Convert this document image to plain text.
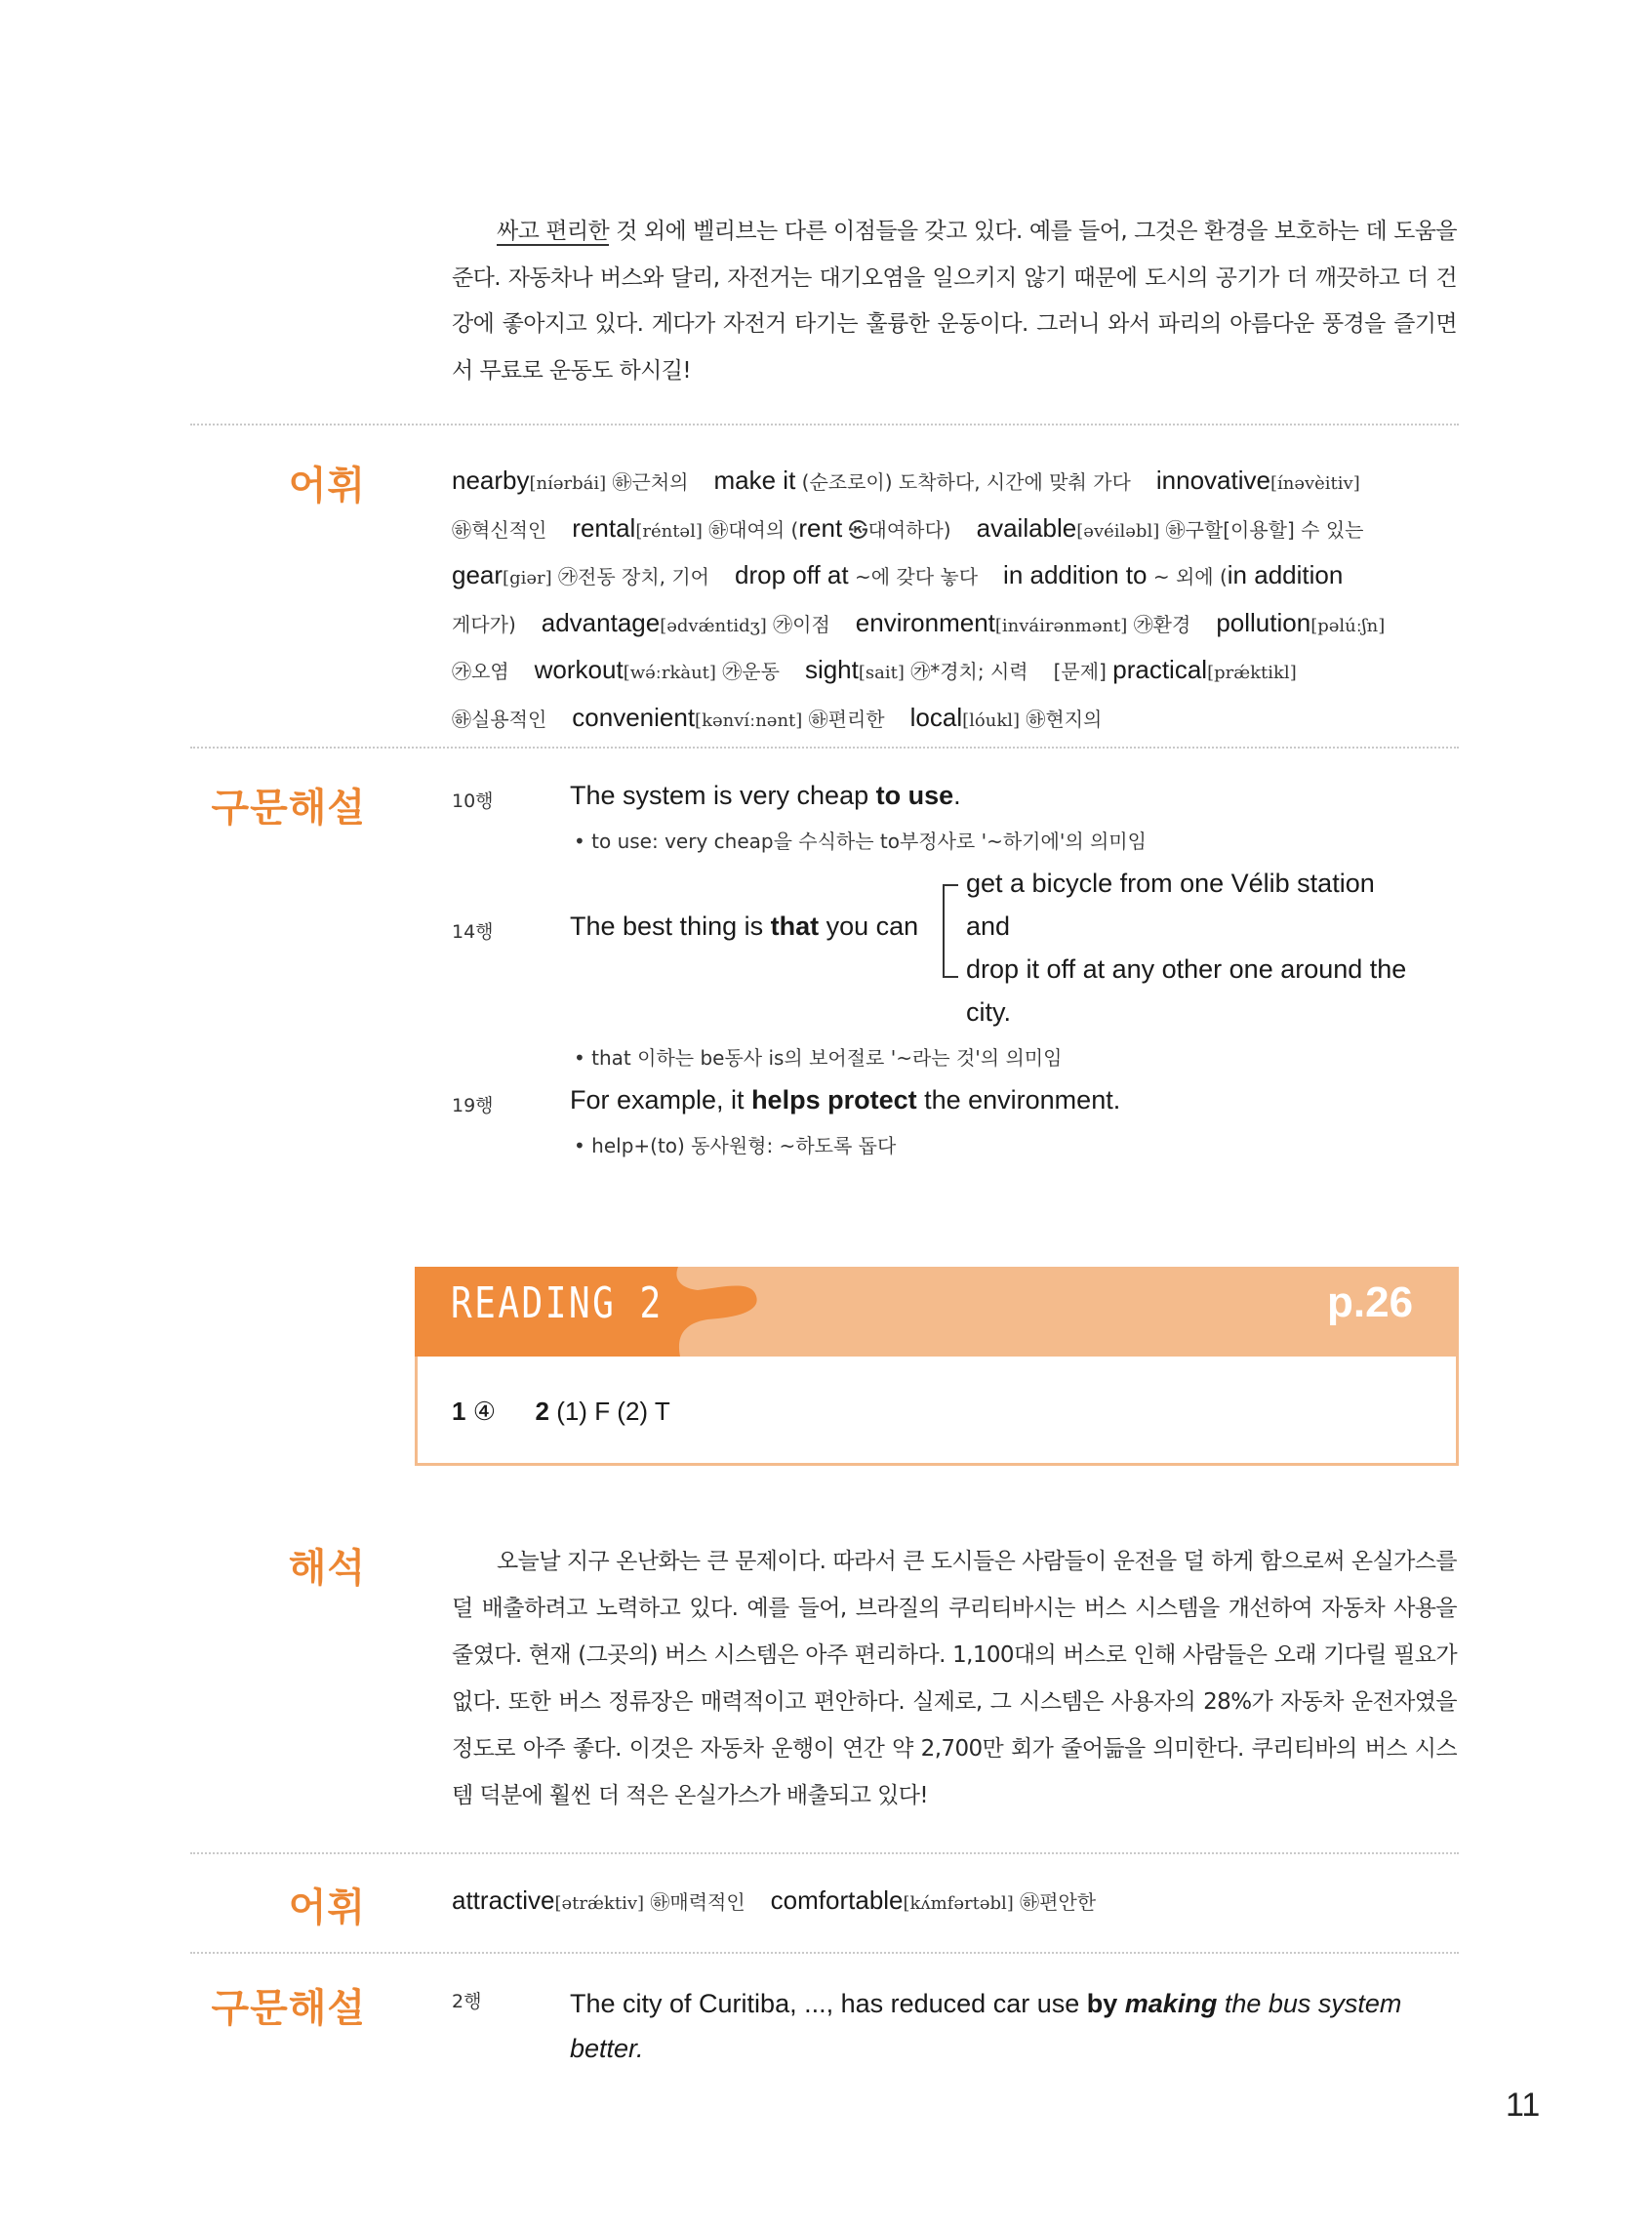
싸고 편리한 것 외에 벨리브는 다른 이점들을 갖고 있다. 예를 들어, 그것은 환경을 보호하는 데 도움을 준다. 자동차나 버스와 달리, 자전거는 대기오염을 일으키지 않기 때문에 도시의 공기가 더 깨끗하고 더 건강에 좋아지고 있다. 게다가 자전거 타기는 훌륭한 운동이다. 그러니 와서 파리의 아름다운 풍경을 즐기면서 무료로 운동도 하시길!

어휘	nearby[níərbái] ㉻근처의 make it (순조로이) 도착하다, 시간에 맞춰 가다 innovative[ínəvèitiv]
㉻혁신적인 rental[réntəl] ㉻대여의 (rent ㉿대여하다) available[əvéiləbl] ㉻구할[이용할] 수 있는
gear[giər] ㉮전동 장치, 기어 drop off at ~에 갖다 놓다 in addition to ~ 외에 (in addition
게다가) advantage[ədvǽntidʒ] ㉮이점 environment[inváirənmənt] ㉮환경 pollution[pəlúːʃn]
㉮오염 workout[wə́ːrkàut] ㉮운동 sight[sait] ㉮*경치; 시력 [문제] practical[prǽktikl]
㉻실용적인 convenient[kənvíːnənt] ㉻편리한 local[lóukl] ㉻현지의
구문해설	10행	The system is very cheap to use.
• to use: very cheap을 수식하는 to부정사로 '~하기에'의 의미임
get a bicycle from one Vélib station
14행	The best thing is that you can and
drop it off at any other one around the
city.
• that 이하는 be동사 is의 보어절로 '~라는 것'의 의미임
19행	For example, it helps protect the environment.
• help+(to) 동사원형: ~하도록 돕다
READING 2	p.26
1 ④ 2 (1) F (2) T
해석	오늘날 지구 온난화는 큰 문제이다. 따라서 큰 도시들은 사람들이 운전을 덜 하게 함으로써 온실가스를 덜 배출하려고 노력하고 있다. 예를 들어, 브라질의 쿠리티바시는 버스 시스템을 개선하여 자동차 사용을 줄였다. 현재 (그곳의) 버스 시스템은 아주 편리하다. 1,100대의 버스로 인해 사람들은 오래 기다릴 필요가 없다. 또한 버스 정류장은 매력적이고 편안하다. 실제로, 그 시스템은 사용자의 28%가 자동차 운전자였을 정도로 아주 좋다. 이것은 자동차 운행이 연간 약 2,700만 회가 줄어듦을 의미한다. 쿠리티바의 버스 시스템 덕분에 훨씬 더 적은 온실가스가 배출되고 있다!

어휘	attractive[ətrǽktiv] ㉻매력적인 comfortable[kʌ́mfərtəbl] ㉻편안한
구문해설	2행	The city of Curitiba, ..., has reduced car use by making the bus system
better.
11
